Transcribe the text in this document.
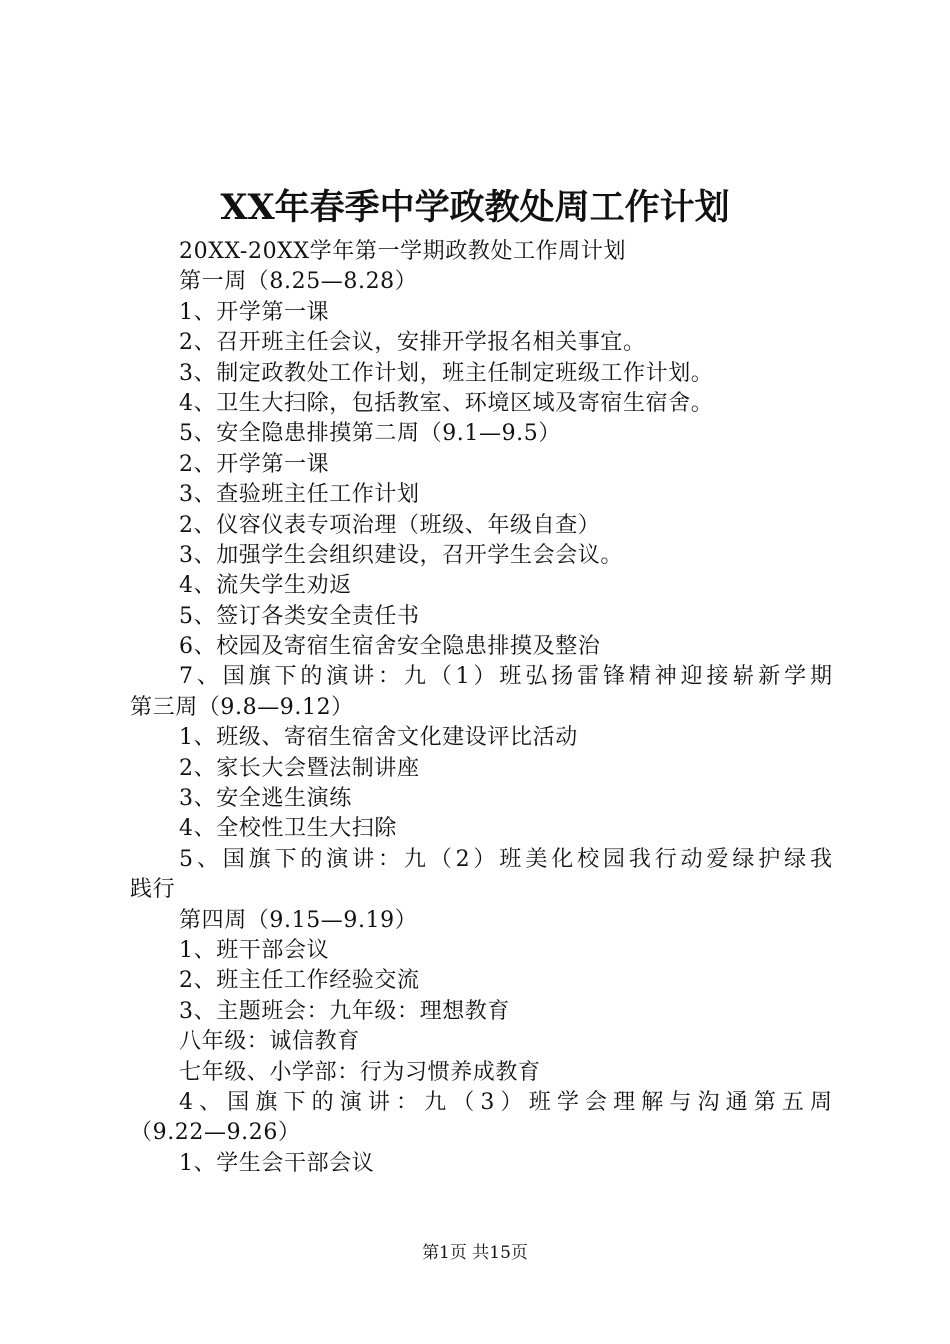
XX年春季中学政教处周工作计划
20XX-20XX学年第一学期政教处工作周计划
第一周（8.25—8.28）
1、开学第一课
2、召开班主任会议，安排开学报名相关事宜。
3、制定政教处工作计划，班主任制定班级工作计划。
4、卫生大扫除，包括教室、环境区域及寄宿生宿舍。
5、安全隐患排摸第二周（9.1—9.5）
2、开学第一课
3、查验班主任工作计划
2、仪容仪表专项治理（班级、年级自查）
3、加强学生会组织建设，召开学生会会议。
4、流失学生劝返
5、签订各类安全责任书
6、校园及寄宿生宿舍安全隐患排摸及整治
7、国旗下的演讲：九（1）班弘扬雷锋精神迎接崭新学期
第三周（9.8—9.12）
1、班级、寄宿生宿舍文化建设评比活动
2、家长大会暨法制讲座
3、安全逃生演练
4、全校性卫生大扫除
5、国旗下的演讲：九（2）班美化校园我行动爱绿护绿我
践行
第四周（9.15—9.19）
1、班干部会议
2、班主任工作经验交流
3、主题班会：九年级：理想教育
八年级：诚信教育
七年级、小学部：行为习惯养成教育
4、国旗下的演讲：九（3）班学会理解与沟通第五周
（9.22—9.26）
1、学生会干部会议
第1页 共15页
